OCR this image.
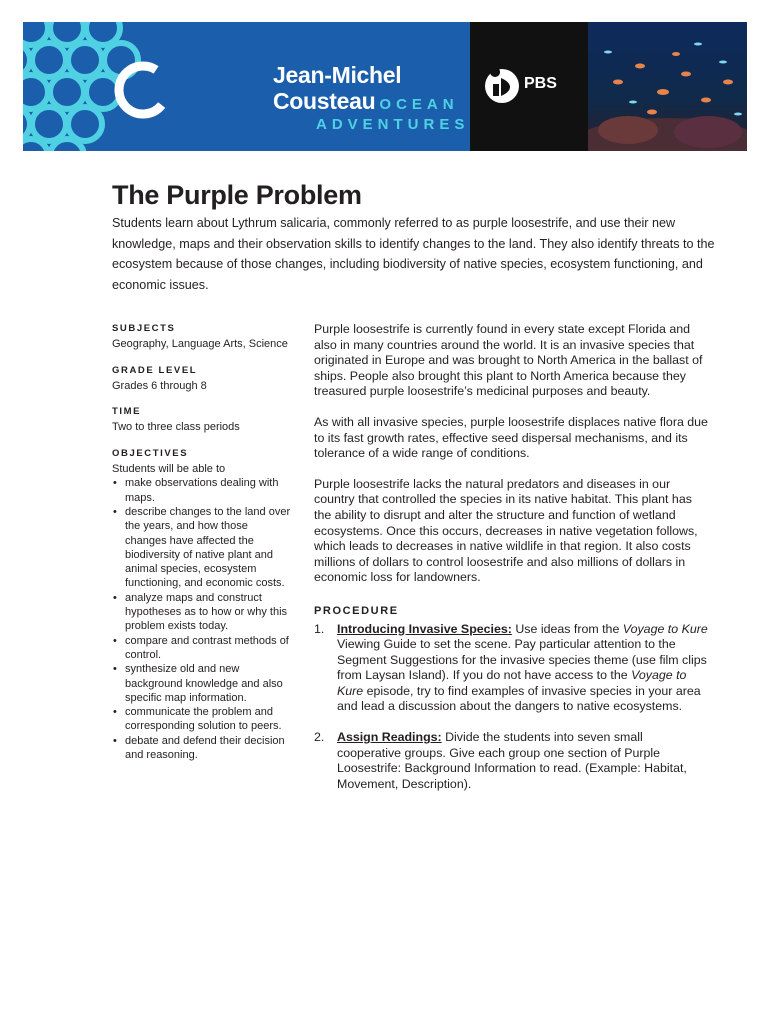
Jean-Michel
Cousteau OCEAN
ADVENTURES
PBS
The Purple Problem

Students learn about Lythrum salicaria, commonly referred to as purple loosestrife, and use their new knowledge, maps and their observation skills to identify changes to the land. They also identify threats to the ecosystem because of those changes, including biodiversity of native species, ecosystem functioning, and economic issues.

SUBJECTS

Geography, Language Arts, Science

GRADE LEVEL

Grades 6 through 8

TIME

Two to three class periods

OBJECTIVES

Students will be able to

• make observations dealing with maps.
• describe changes to the land over the years, and how those changes have affected the biodiversity of native plant and animal species, ecosystem functioning, and economic costs.
• analyze maps and construct hypotheses as to how or why this problem exists today.
• compare and contrast methods of control.
• synthesize old and new background knowledge and also specific map information.
• communicate the problem and corresponding solution to peers.
• debate and defend their decision and reasoning.

Purple loosestrife is currently found in every state except Florida and also in many countries around the world. It is an invasive species that originated in Europe and was brought to North America in the ballast of ships. People also brought this plant to North America because they treasured purple loosestrife’s medicinal purposes and beauty.

As with all invasive species, purple loosestrife displaces native flora due to its fast growth rates, effective seed dispersal mechanisms, and its tolerance of a wide range of conditions.

Purple loosestrife lacks the natural predators and diseases in our country that controlled the species in its native habitat. This plant has the ability to disrupt and alter the structure and function of wetland ecosystems. Once this occurs, decreases in native vegetation follows, which leads to decreases in native wildlife in that region. It also costs millions of dollars to control loosestrife and also millions of dollars in economic loss for landowners.

PROCEDURE
1. Introducing Invasive Species: Use ideas from the Voyage to Kure Viewing Guide to set the scene. Pay particular attention to the Segment Suggestions for the invasive species theme (use film clips from Laysan Island). If you do not have access to the Voyage to Kure episode, try to find examples of invasive species in your area and lead a discussion about the dangers to native ecosystems.
2. Assign Readings: Divide the students into seven small cooperative groups. Give each group one section of Purple Loosestrife: Background Information to read. (Example: Habitat, Movement, Description).
